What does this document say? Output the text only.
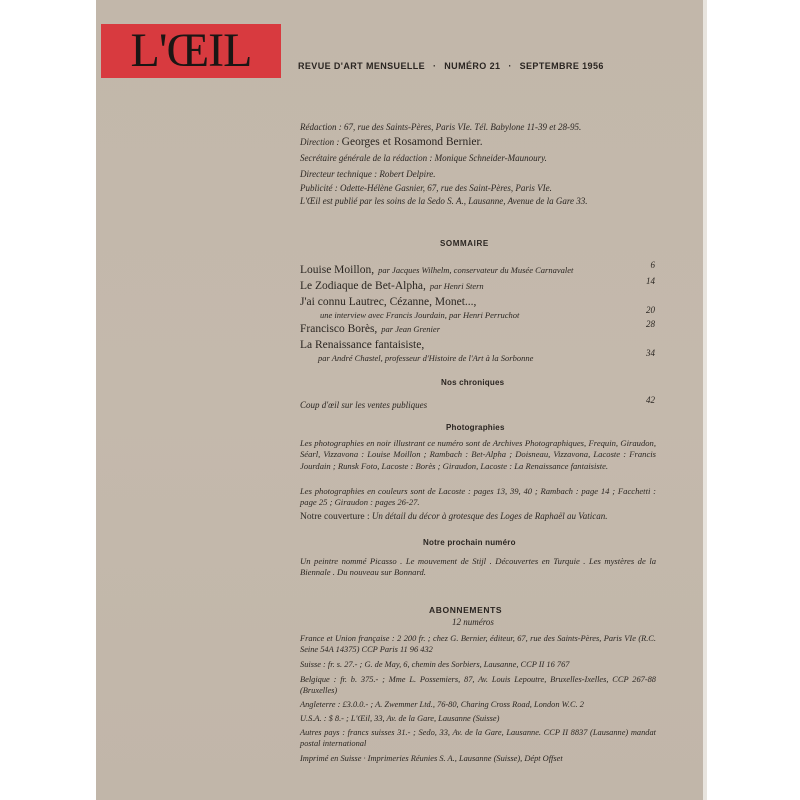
L'ŒIL	REVUE D'ART MENSUELLE · NUMÉRO 21 · SEPTEMBRE 1956
Rédaction : 67, rue des Saints-Pères, Paris VIe. Tél. Babylone 11-39 et 28-95.
Direction : Georges et Rosamond Bernier.
Secrétaire générale de la rédaction : Monique Schneider-Maunoury.
Directeur technique : Robert Delpire.
Publicité : Odette-Hélène Gasnier, 67, rue des Saint-Pères, Paris VIe.
L'Œil est publié par les soins de la Sedo S. A., Lausanne, Avenue de la Gare 33.
SOMMAIRE
Louise Moillon, par Jacques Wilhelm, conservateur du Musée Carnavalet	6
Le Zodiaque de Bet-Alpha, par Henri Stern	14
J'ai connu Lautrec, Cézanne, Monet...,
une interview avec Francis Jourdain, par Henri Perruchot	20
Francisco Borès, par Jean Grenier	28
La Renaissance fantaisiste,
par André Chastel, professeur d'Histoire de l'Art à la Sorbonne	34
Nos chroniques
Coup d'œil sur les ventes publiques	42
Photographies
Les photographies en noir illustrant ce numéro sont de Archives Photographiques, Frequin, Giraudon, Séarl, Vizzavona : Louise Moillon ; Rambach : Bet-Alpha ; Doisneau, Vizzavona, Lacoste : Francis Jourdain ; Runsk Foto, Lacoste : Borès ; Giraudon, Lacoste : La Renaissance fantaisiste.
Les photographies en couleurs sont de Lacoste : pages 13, 39, 40 ; Rambach : page 14 ; Facchetti : page 25 ; Giraudon : pages 26-27.
Notre couverture : Un détail du décor à grotesque des Loges de Raphaël au Vatican.
Notre prochain numéro
Un peintre nommé Picasso . Le mouvement de Stijl . Découvertes en Turquie . Les mystères de la Biennale . Du nouveau sur Bonnard.
ABONNEMENTS
12 numéros
France et Union française : 2 200 fr. ; chez G. Bernier, éditeur, 67, rue des Saints-Pères, Paris VIe (R.C. Seine 54A 14375) CCP Paris 11 96 432
Suisse : fr. s. 27.- ; G. de May, 6, chemin des Sorbiers, Lausanne, CCP II 16 767
Belgique : fr. b. 375.- ; Mme L. Possemiers, 87, Av. Louis Lepoutre, Bruxelles-Ixelles, CCP 267-88 (Bruxelles)
Angleterre : £3.0.0.- ; A. Zwemmer Ltd., 76-80, Charing Cross Road, London W.C. 2
U.S.A. : $ 8.- ; L'Œil, 33, Av. de la Gare, Lausanne (Suisse)
Autres pays : francs suisses 31.- ; Sedo, 33, Av. de la Gare, Lausanne. CCP II 8837 (Lausanne) mandat postal international
Imprimé en Suisse · Imprimeries Réunies S. A., Lausanne (Suisse), Dépt Offset
